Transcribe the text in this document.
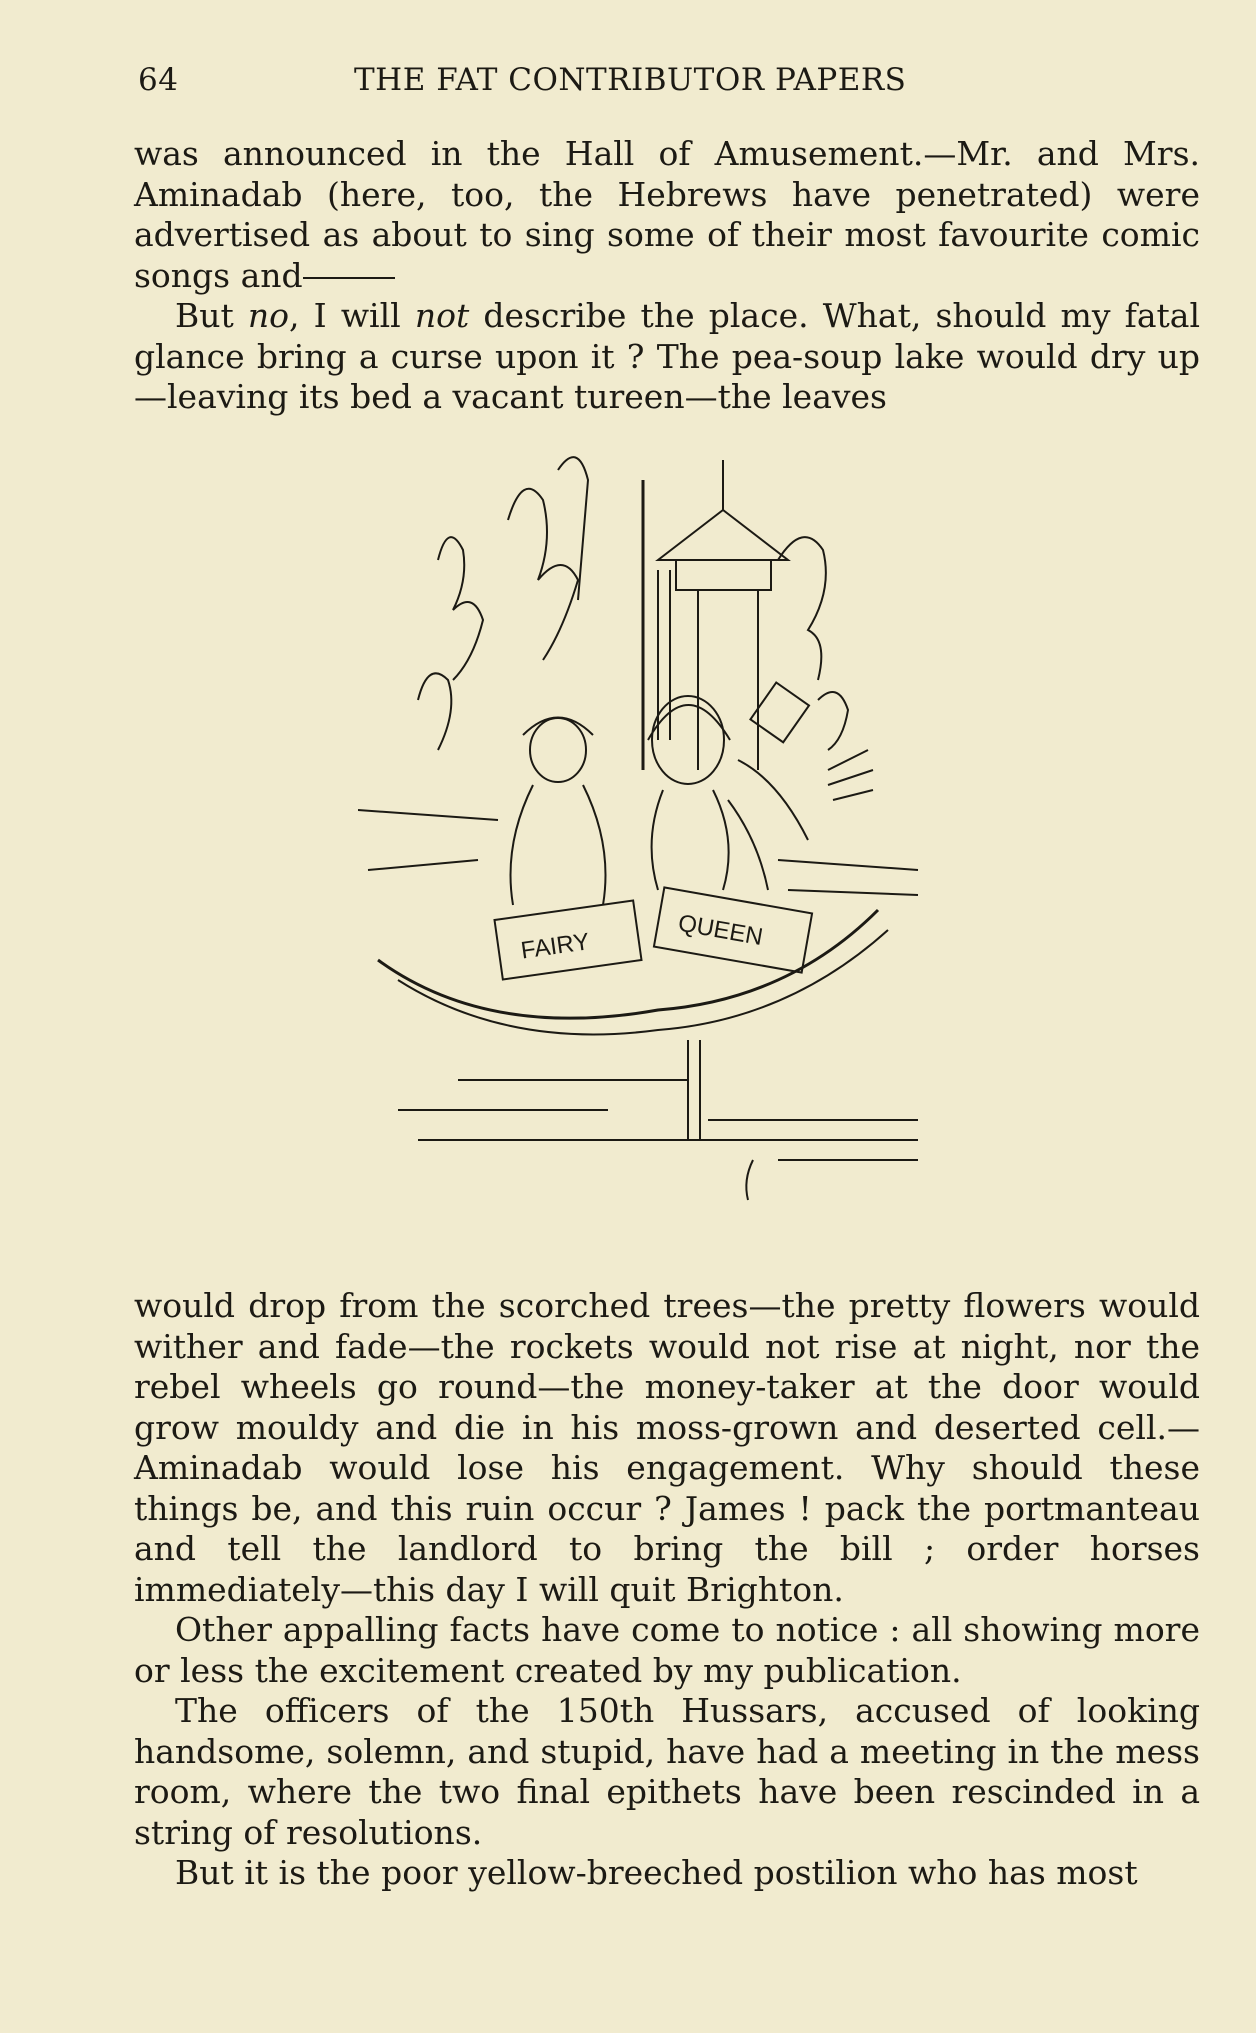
64	THE FAT CONTRIBUTOR PAPERS

was announced in the Hall of Amusement.—Mr. and Mrs. Aminadab (here, too, the Hebrews have penetrated) were advertised as about to sing some of their most favourite comic songs and

But no, I will not describe the place. What, should my fatal glance bring a curse upon it ? The pea-soup lake would dry up—leaving its bed a vacant tureen—the leaves

FAIRY	QUEEN

would drop from the scorched trees—the pretty flowers would wither and fade—the rockets would not rise at night, nor the rebel wheels go round—the money-taker at the door would grow mouldy and die in his moss-grown and deserted cell.—Aminadab would lose his engagement. Why should these things be, and this ruin occur ? James ! pack the portmanteau and tell the landlord to bring the bill ; order horses immediately—this day I will quit Brighton.

Other appalling facts have come to notice : all showing more or less the excitement created by my publication.

The officers of the 150th Hussars, accused of looking handsome, solemn, and stupid, have had a meeting in the mess room, where the two final epithets have been rescinded in a string of resolutions.

But it is the poor yellow-breeched postilion who has most
